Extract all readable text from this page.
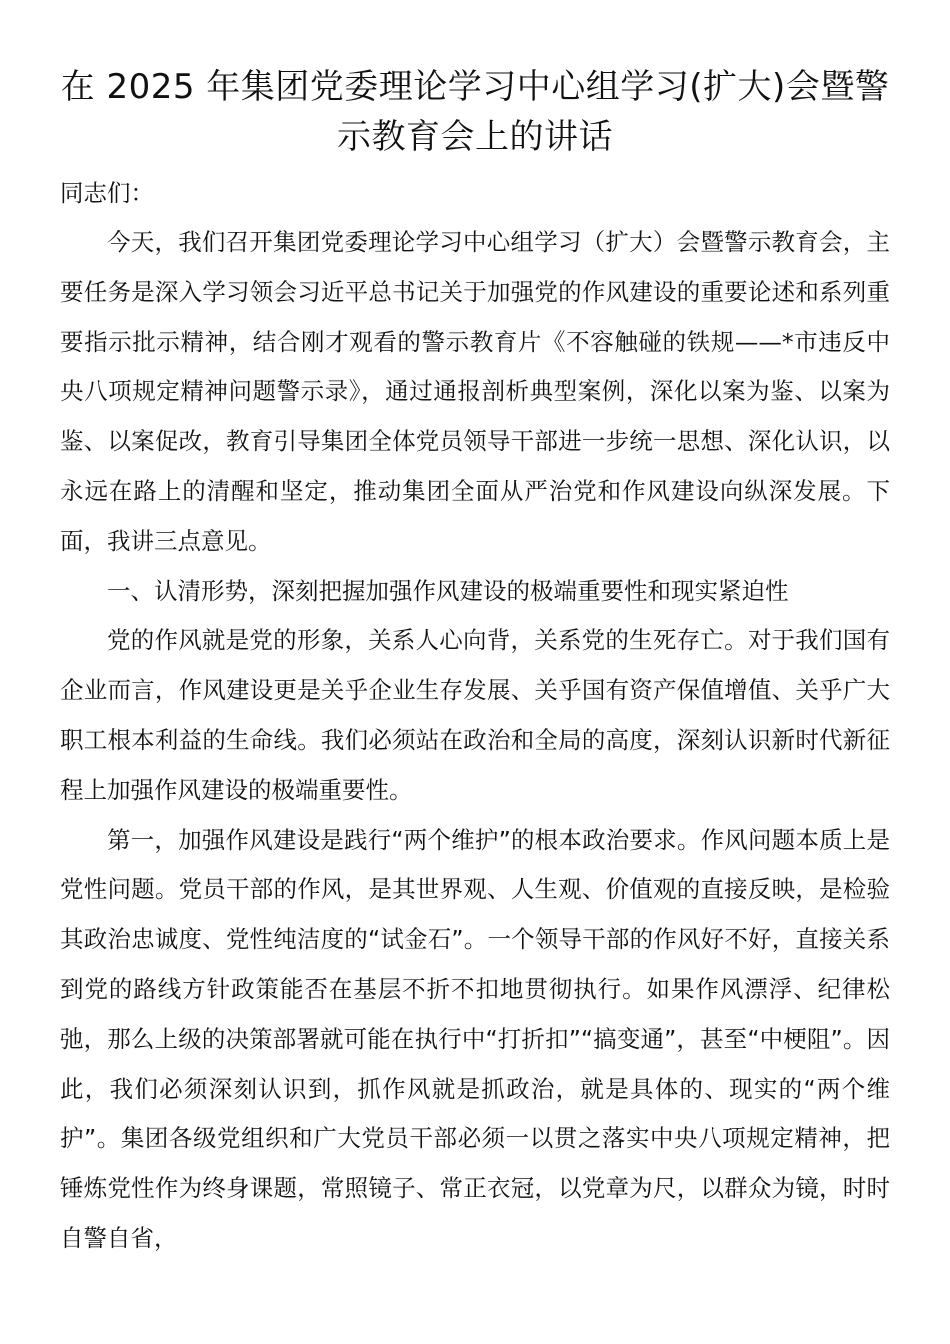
在 2025 年集团党委理论学习中心组学习(扩大)会暨警示教育会上的讲话

同志们：

今天，我们召开集团党委理论学习中心组学习（扩大）会暨警示教育会，主要任务是深入学习领会习近平总书记关于加强党的作风建设的重要论述和系列重要指示批示精神，结合刚才观看的警示教育片《不容触碰的铁规——*市违反中央八项规定精神问题警示录》，通过通报剖析典型案例，深化以案为鉴、以案为鉴、以案促改，教育引导集团全体党员领导干部进一步统一思想、深化认识，以永远在路上的清醒和坚定，推动集团全面从严治党和作风建设向纵深发展。下面，我讲三点意见。

一、认清形势，深刻把握加强作风建设的极端重要性和现实紧迫性

党的作风就是党的形象，关系人心向背，关系党的生死存亡。对于我们国有企业而言，作风建设更是关乎企业生存发展、关乎国有资产保值增值、关乎广大职工根本利益的生命线。我们必须站在政治和全局的高度，深刻认识新时代新征程上加强作风建设的极端重要性。

第一，加强作风建设是践行“两个维护”的根本政治要求。作风问题本质上是党性问题。党员干部的作风，是其世界观、人生观、价值观的直接反映，是检验其政治忠诚度、党性纯洁度的“试金石”。一个领导干部的作风好不好，直接关系到党的路线方针政策能否在基层不折不扣地贯彻执行。如果作风漂浮、纪律松弛，那么上级的决策部署就可能在执行中“打折扣”“搞变通”，甚至“中梗阻”。因此，我们必须深刻认识到，抓作风就是抓政治，就是具体的、现实的“两个维护”。集团各级党组织和广大党员干部必须一以贯之落实中央八项规定精神，把锤炼党性作为终身课题，常照镜子、常正衣冠，以党章为尺，以群众为镜，时时自警自省，
